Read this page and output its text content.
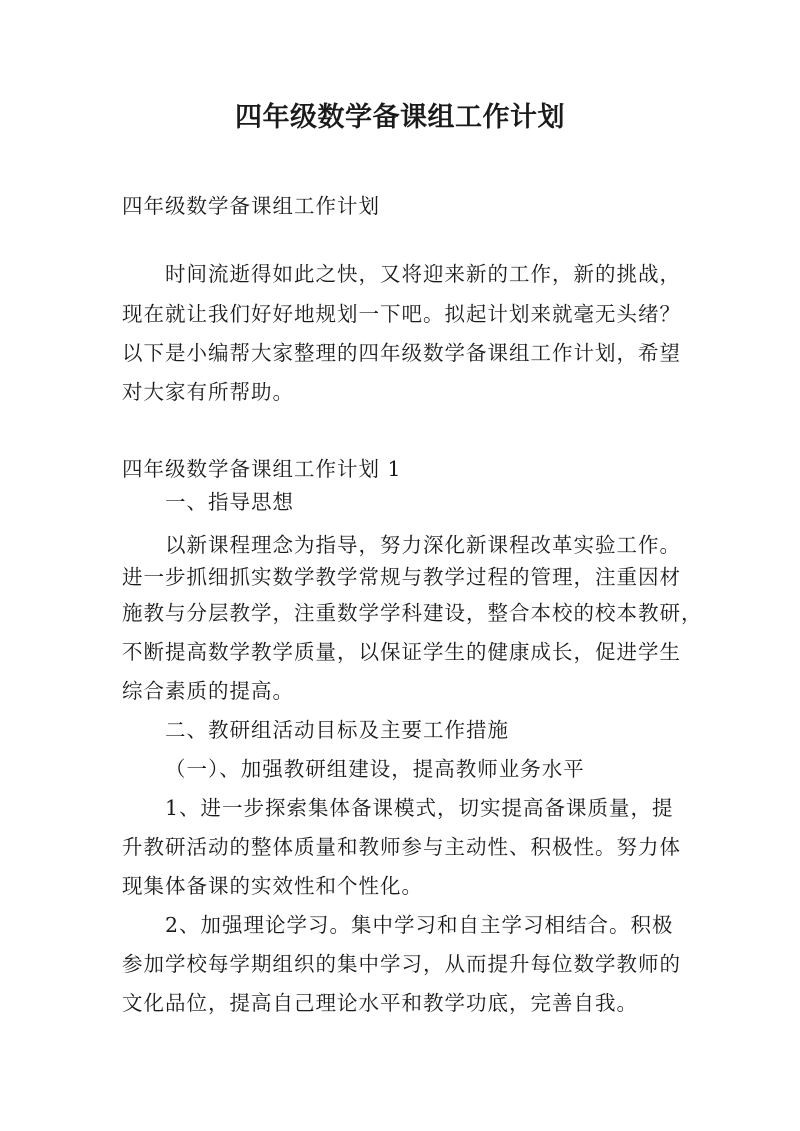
四年级数学备课组工作计划
四年级数学备课组工作计划
时间流逝得如此之快，又将迎来新的工作，新的挑战，
现在就让我们好好地规划一下吧。拟起计划来就毫无头绪？
以下是小编帮大家整理的四年级数学备课组工作计划，希望
对大家有所帮助。
四年级数学备课组工作计划 1
一、指导思想
以新课程理念为指导，努力深化新课程改革实验工作。
进一步抓细抓实数学教学常规与教学过程的管理，注重因材
施教与分层教学，注重数学学科建设，整合本校的校本教研，
不断提高数学教学质量，以保证学生的健康成长，促进学生
综合素质的提高。
二、教研组活动目标及主要工作措施
（一）、加强教研组建设，提高教师业务水平
1、进一步探索集体备课模式，切实提高备课质量，提
升教研活动的整体质量和教师参与主动性、积极性。努力体
现集体备课的实效性和个性化。
2、加强理论学习。集中学习和自主学习相结合。积极
参加学校每学期组织的集中学习，从而提升每位数学教师的
文化品位，提高自己理论水平和教学功底，完善自我。
